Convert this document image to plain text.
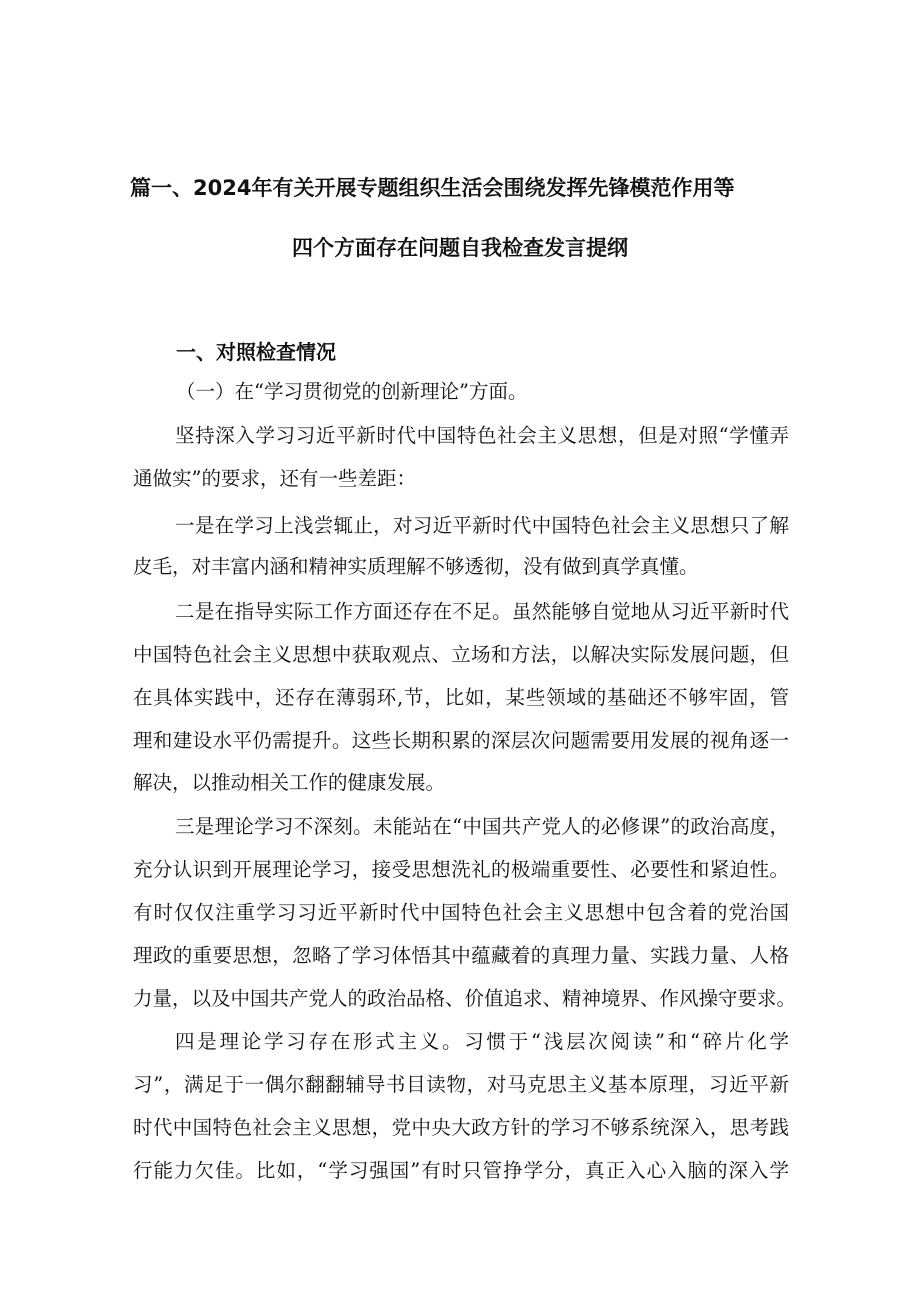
篇一、2024年有关开展专题组织生活会围绕发挥先锋模范作用等
四个方面存在问题自我检查发言提纲
一、对照检查情况
（一）在“学习贯彻党的创新理论”方面。
坚持深入学习习近平新时代中国特色社会主义思想，但是对照“学懂弄
通做实”的要求，还有一些差距：
一是在学习上浅尝辄止，对习近平新时代中国特色社会主义思想只了解
皮毛，对丰富内涵和精神实质理解不够透彻，没有做到真学真懂。
二是在指导实际工作方面还存在不足。虽然能够自觉地从习近平新时代
中国特色社会主义思想中获取观点、立场和方法，以解决实际发展问题，但
在具体实践中，还存在薄弱环,节，比如，某些领域的基础还不够牢固，管
理和建设水平仍需提升。这些长期积累的深层次问题需要用发展的视角逐一
解决，以推动相关工作的健康发展。
三是理论学习不深刻。未能站在“中国共产党人的必修课”的政治高度，
充分认识到开展理论学习，接受思想洗礼的极端重要性、必要性和紧迫性。
有时仅仅注重学习习近平新时代中国特色社会主义思想中包含着的党治国
理政的重要思想，忽略了学习体悟其中蕴藏着的真理力量、实践力量、人格
力量，以及中国共产党人的政治品格、价值追求、精神境界、作风操守要求。
四是理论学习存在形式主义。习惯于“浅层次阅读”和“碎片化学
习”，满足于一偶尔翻翻辅导书目读物，对马克思主义基本原理，习近平新
时代中国特色社会主义思想，党中央大政方针的学习不够系统深入，思考践
行能力欠佳。比如，“学习强国”有时只管挣学分，真正入心入脑的深入学
